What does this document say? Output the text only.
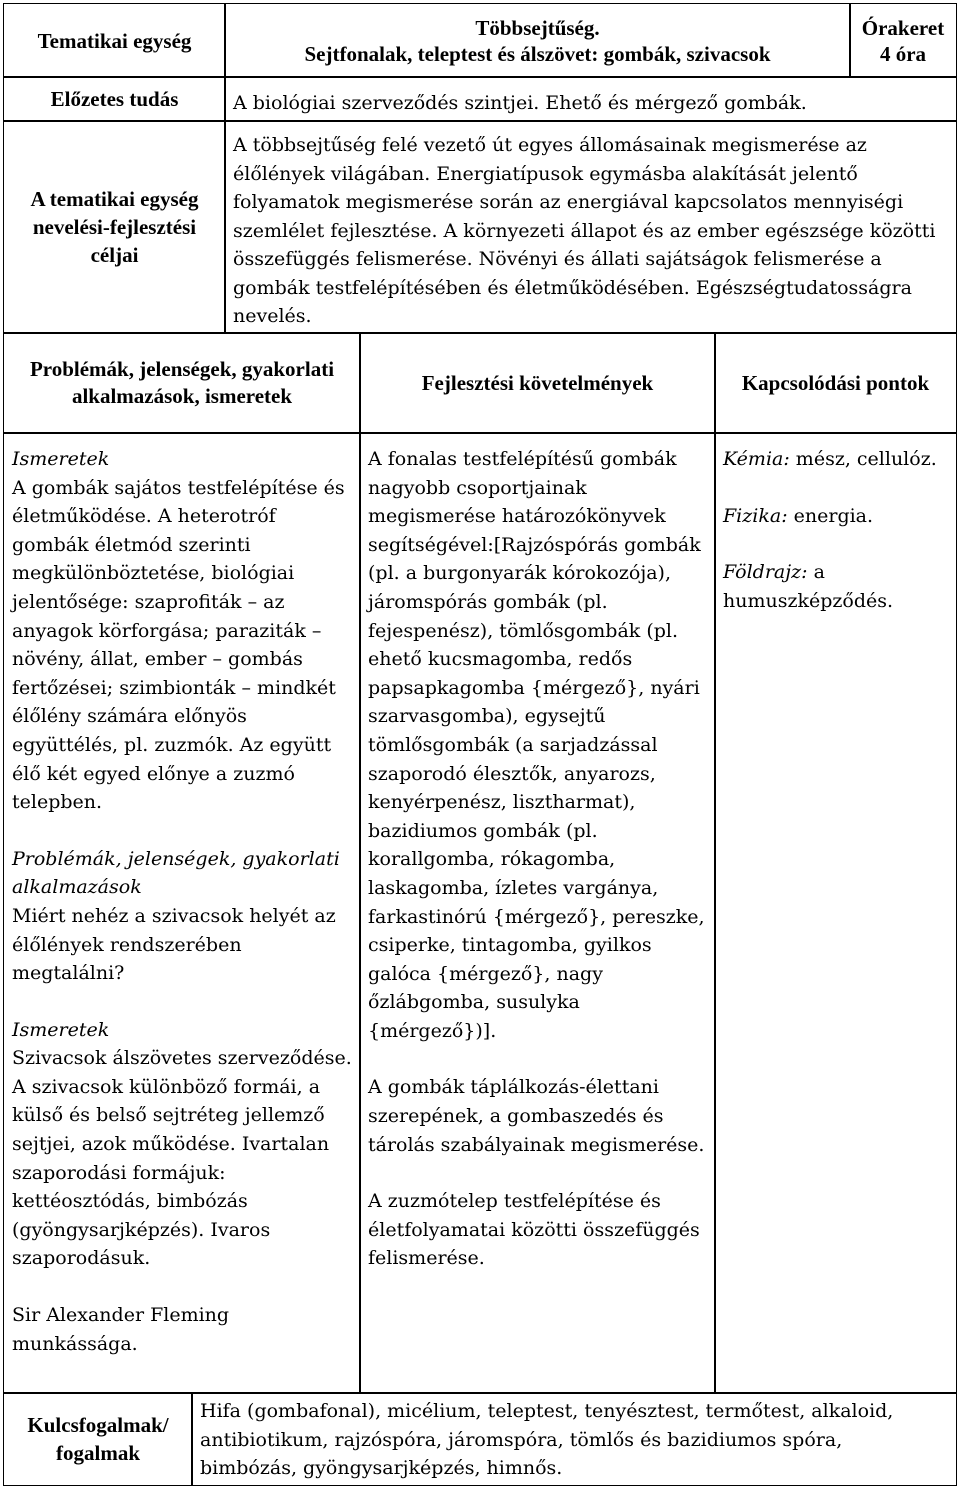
Tematikai egység
Többsejtűség.
Sejtfonalak, teleptest és álszövet: gombák, szivacsok
Órakeret
4 óra
Előzetes tudás	A biológiai szerveződés szintjei. Ehető és mérgező gombák.
A tematikai egység nevelési-fejlesztési céljai
A többsejtűség felé vezető út egyes állomásainak megismerése az élőlények világában. Energiatípusok egymásba alakítását jelentő folyamatok megismerése során az energiával kapcsolatos mennyiségi szemlélet fejlesztése. A környezeti állapot és az ember egészsége közötti összefüggés felismerése. Növényi és állati sajátságok felismerése a gombák testfelépítésében és életműködésében. Egészségtudatosságra nevelés.
Problémák, jelenségek, gyakorlati alkalmazások, ismeretek
Fejlesztési követelmények	Kapcsolódási pontok

Ismeretek

A gombák sajátos testfelépítése és életműködése. A heterotróf gombák életmód szerinti megkülönböztetése, biológiai jelentősége: szaprofiták – az anyagok körforgása; paraziták – növény, állat, ember – gombás fertőzései; szimbionták – mindkét élőlény számára előnyös együttélés, pl. zuzmók. Az együtt élő két egyed előnye a zuzmó telepben.

Problémák, jelenségek, gyakorlati alkalmazások

Miért nehéz a szivacsok helyét az élőlények rendszerében megtalálni?

Ismeretek

Szivacsok álszövetes szerveződése. A szivacsok különböző formái, a külső és belső sejtréteg jellemző sejtjei, azok működése. Ivartalan szaporodási formájuk: kettéosztódás, bimbózás (gyöngysarjképzés). Ivaros szaporodásuk.

Sir Alexander Fleming munkássága.

A fonalas testfelépítésű gombák nagyobb csoportjainak megismerése határozókönyvek segítségével:[Rajzóspórás gombák (pl. a burgonyarák kórokozója), járomspórás gombák (pl. fejespenész), tömlősgombák (pl. ehető kucsmagomba, redős papsapkagomba {mérgező}, nyári szarvasgomba), egysejtű tömlősgombák (a sarjadzással szaporodó élesztők, anyarozs, kenyérpenész, lisztharmat), bazidiumos gombák (pl. korallgomba, rókagomba, laskagomba, ízletes vargánya, farkastinórú {mérgező}, pereszke, csiperke, tintagomba, gyilkos galóca {mérgező}, nagy őzlábgomba, susulyka {mérgező})].

A gombák táplálkozás-élettani szerepének, a gombaszedés és tárolás szabályainak megismerése.

A zuzmótelep testfelépítése és életfolyamatai közötti összefüggés felismerése.

Kémia: mész, cellulóz.

Fizika: energia.

Földrajz: a humuszképződés.

Kulcsfogalmak/ fogalmak
Hifa (gombafonal), micélium, teleptest, tenyésztest, termőtest, alkaloid, antibiotikum, rajzóspóra, járomspóra, tömlős és bazidiumos spóra, bimbózás, gyöngysarjképzés, himnős.
